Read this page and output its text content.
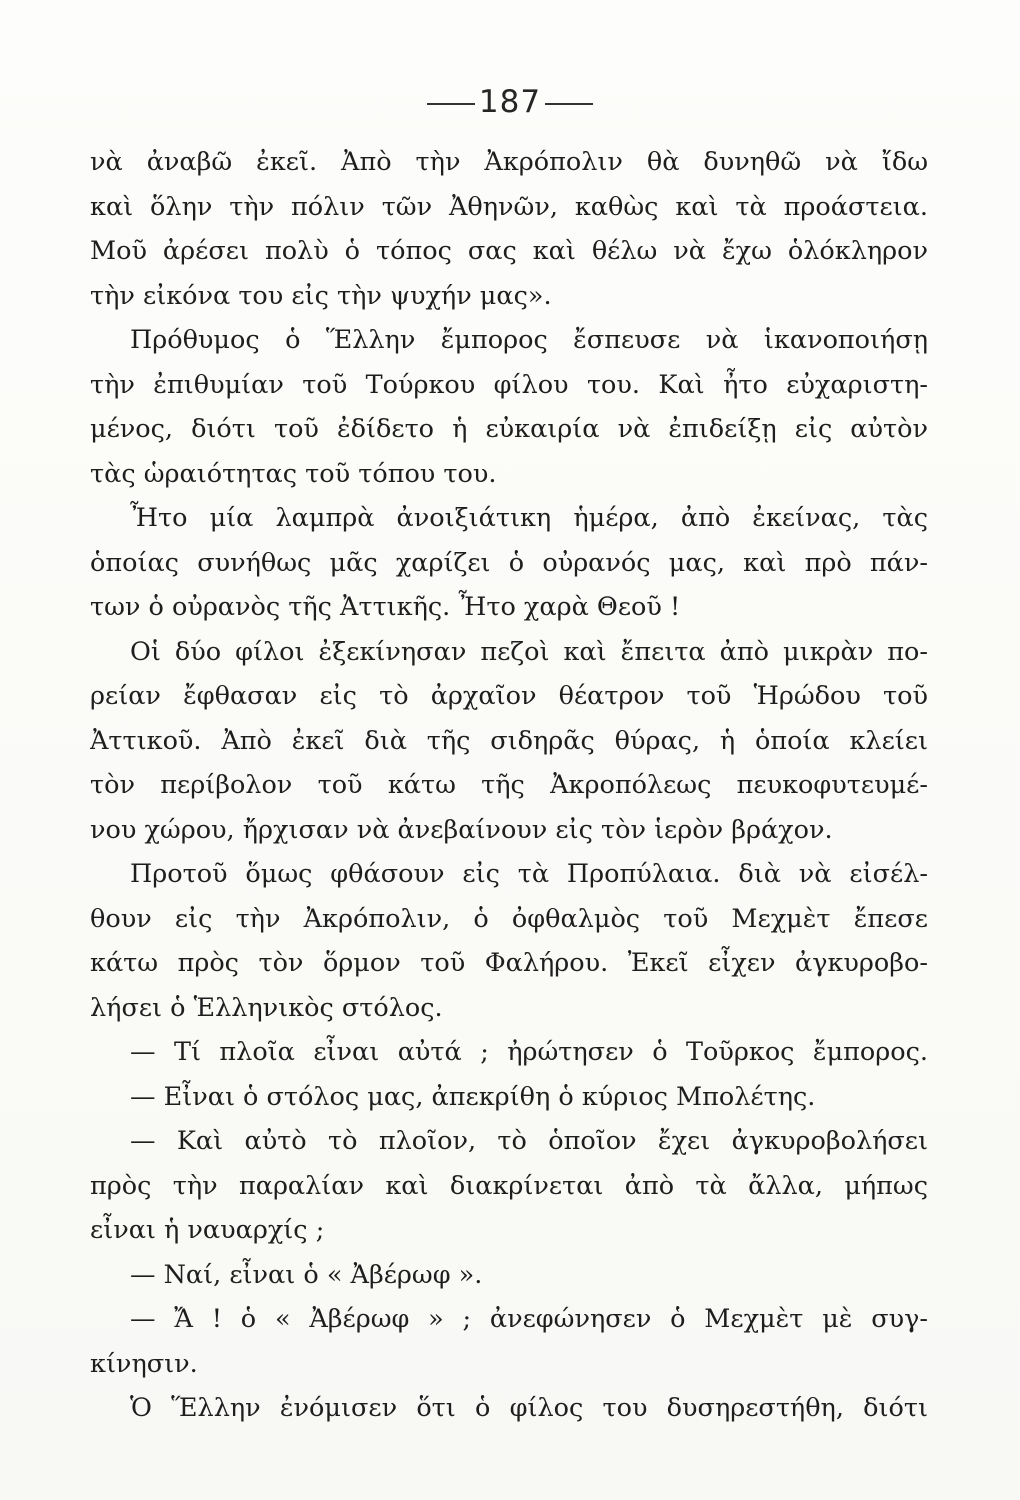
187
νὰ ἀναβῶ ἐκεῖ. Ἀπὸ τὴν Ἀκρόπολιν θὰ δυνηθῶ νὰ ἴδω
καὶ ὅλην τὴν πόλιν τῶν Ἀθηνῶν, καθὼς καὶ τὰ προάστεια.
Μοῦ ἀρέσει πολὺ ὁ τόπος σας καὶ θέλω νὰ ἔχω ὁλόκληρον
τὴν εἰκόνα του εἰς τὴν ψυχήν μας».
Πρόθυμος ὁ Ἕλλην ἔμπορος ἔσπευσε νὰ ἱκανοποιήσῃ
τὴν ἐπιθυμίαν τοῦ Τούρκου φίλου του. Καὶ ἦτο εὐχαριστη-
μένος, διότι τοῦ ἐδίδετο ἡ εὐκαιρία νὰ ἐπιδείξῃ εἰς αὐτὸν
τὰς ὡραιότητας τοῦ τόπου του.
Ἦτο μία λαμπρὰ ἀνοιξιάτικη ἡμέρα, ἀπὸ ἐκείνας, τὰς
ὁποίας συνήθως μᾶς χαρίζει ὁ οὐρανός μας, καὶ πρὸ πάν-
των ὁ οὐρανὸς τῆς Ἀττικῆς. Ἦτο χαρὰ Θεοῦ !
Οἱ δύο φίλοι ἐξεκίνησαν πεζοὶ καὶ ἔπειτα ἀπὸ μικρὰν πο-
ρείαν ἔφθασαν εἰς τὸ ἀρχαῖον θέατρον τοῦ Ἡρώδου τοῦ
Ἀττικοῦ. Ἀπὸ ἐκεῖ διὰ τῆς σιδηρᾶς θύρας, ἡ ὁποία κλείει
τὸν περίβολον τοῦ κάτω τῆς Ἀκροπόλεως πευκοφυτευμέ-
νου χώρου, ἤρχισαν νὰ ἀνεβαίνουν εἰς τὸν ἱερὸν βράχον.
Προτοῦ ὅμως φθάσουν εἰς τὰ Προπύλαια. διὰ νὰ εἰσέλ-
θουν εἰς τὴν Ἀκρόπολιν, ὁ ὀφθαλμὸς τοῦ Μεχμὲτ ἔπεσε
κάτω πρὸς τὸν ὅρμον τοῦ Φαλήρου. Ἐκεῖ εἶχεν ἀγκυροβο-
λήσει ὁ Ἑλληνικὸς στόλος.
— Τί πλοῖα εἶναι αὐτά ; ἠρώτησεν ὁ Τοῦρκος ἔμπορος.
— Εἶναι ὁ στόλος μας, ἀπεκρίθη ὁ κύριος Μπολέτης.
— Καὶ αὐτὸ τὸ πλοῖον, τὸ ὁποῖον ἔχει ἀγκυροβολήσει
πρὸς τὴν παραλίαν καὶ διακρίνεται ἀπὸ τὰ ἄλλα, μήπως
εἶναι ἡ ναυαρχίς ;
— Ναί, εἶναι ὁ « Ἀβέρωφ ».
— Ἄ ! ὁ « Ἀβέρωφ » ; ἀνεφώνησεν ὁ Μεχμὲτ μὲ συγ-
κίνησιν.
Ὁ Ἕλλην ἐνόμισεν ὅτι ὁ φίλος του δυσηρεστήθη, διότι
